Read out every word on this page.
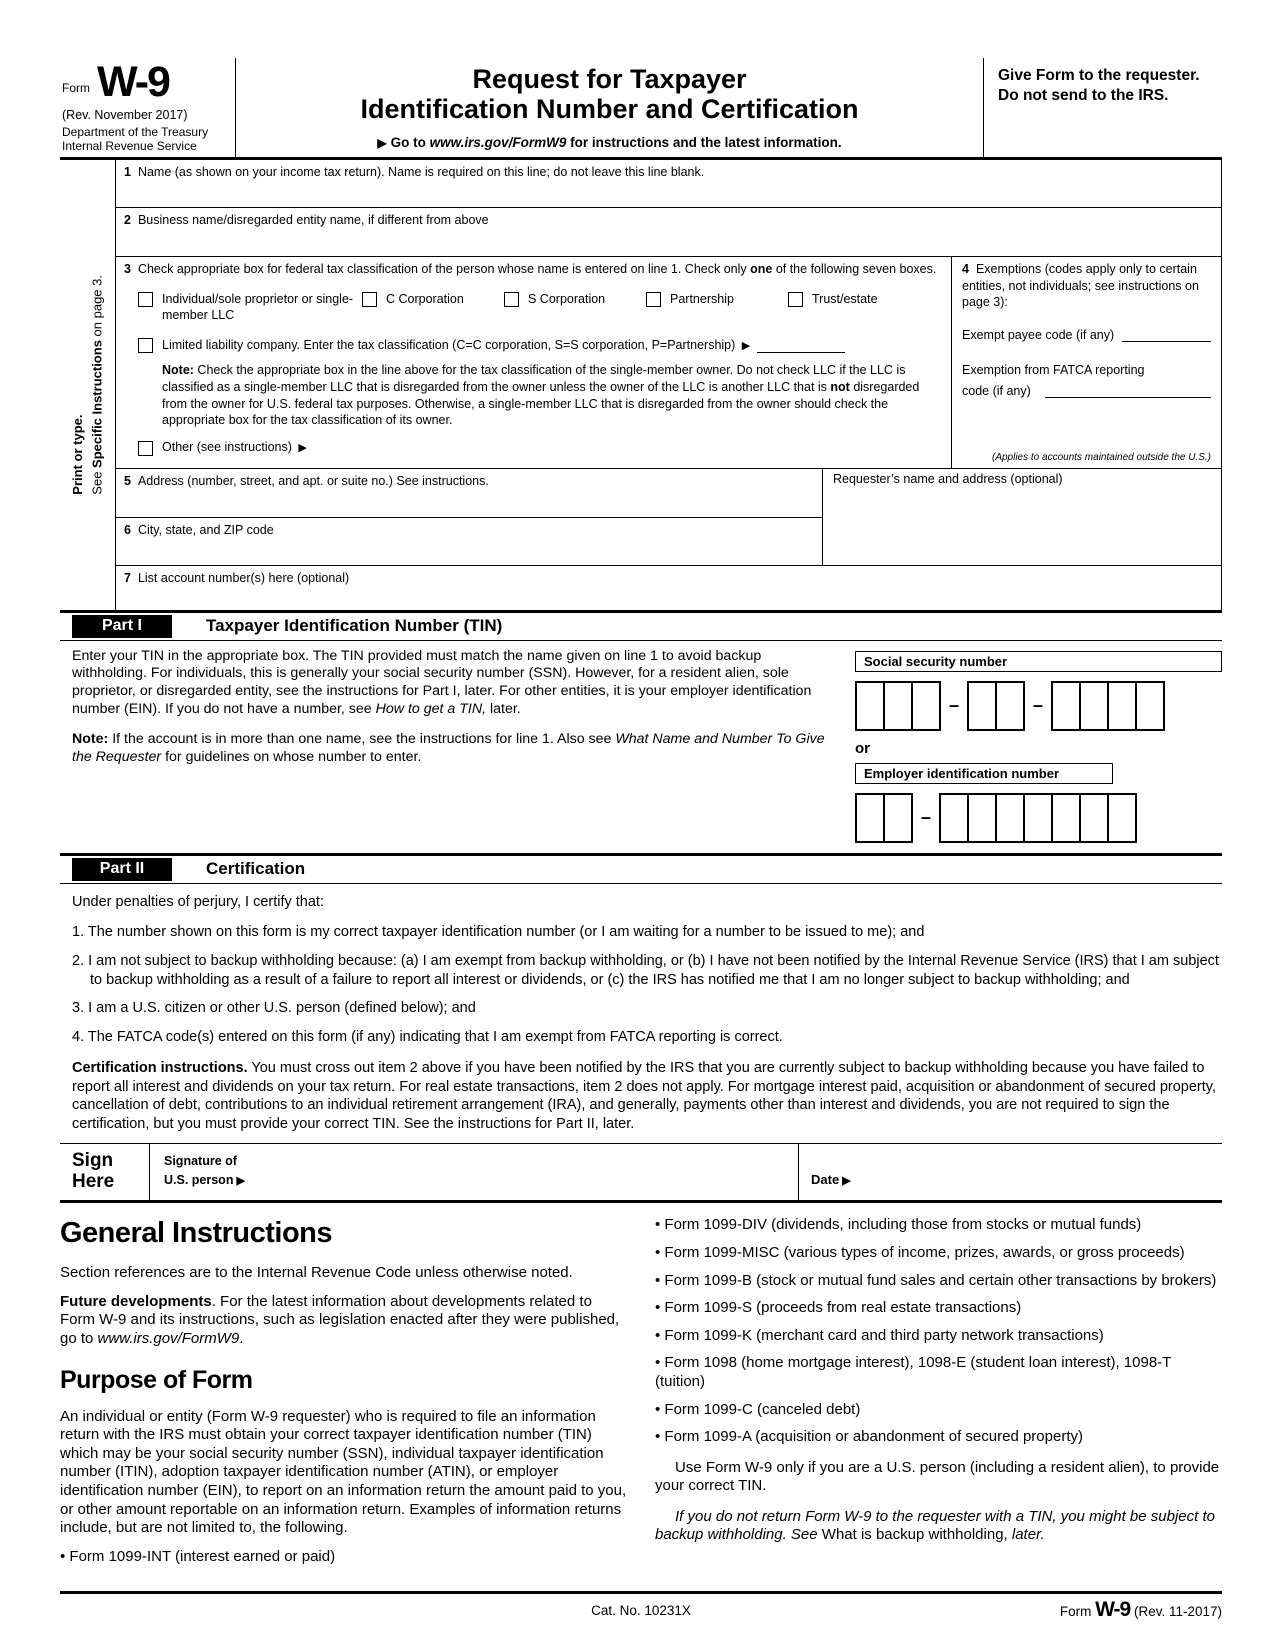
Form W-9
(Rev. November 2017)
Department of the Treasury
Internal Revenue Service
Request for Taxpayer
Identification Number and Certification
▶ Go to www.irs.gov/FormW9 for instructions and the latest information.
Give Form to the requester. Do not send to the IRS.
Print or type. See Specific Instructions on page 3.
1 Name (as shown on your income tax return). Name is required on this line; do not leave this line blank.
2 Business name/disregarded entity name, if different from above
3 Check appropriate box for federal tax classification of the person whose name is entered on line 1. Check only one of the following seven boxes.
Individual/sole proprietor or single-member LLC
C Corporation	S Corporation	Partnership	Trust/estate
Limited liability company. Enter the tax classification (C=C corporation, S=S corporation, P=Partnership) ▶
Note: Check the appropriate box in the line above for the tax classification of the single-member owner. Do not check LLC if the LLC is classified as a single-member LLC that is disregarded from the owner unless the owner of the LLC is another LLC that is not disregarded from the owner for U.S. federal tax purposes. Otherwise, a single-member LLC that is disregarded from the owner should check the appropriate box for the tax classification of its owner.
Other (see instructions) ▶
4 Exemptions (codes apply only to certain entities, not individuals; see instructions on page 3):
Exempt payee code (if any)
Exemption from FATCA reporting
code (if any)
(Applies to accounts maintained outside the U.S.)
5 Address (number, street, and apt. or suite no.) See instructions.
6 City, state, and ZIP code
Requester’s name and address (optional)
7 List account number(s) here (optional)
Part I	Taxpayer Identification Number (TIN)

Enter your TIN in the appropriate box. The TIN provided must match the name given on line 1 to avoid backup withholding. For individuals, this is generally your social security number (SSN). However, for a resident alien, sole proprietor, or disregarded entity, see the instructions for Part I, later. For other entities, it is your employer identification number (EIN). If you do not have a number, see How to get a TIN, later.

Note: If the account is in more than one name, see the instructions for line 1. Also see What Name and Number To Give the Requester for guidelines on whose number to enter.

Social security number
–	–
or
Employer identification number
–
Part II	Certification
Under penalties of perjury, I certify that:
1. The number shown on this form is my correct taxpayer identification number (or I am waiting for a number to be issued to me); and
2. I am not subject to backup withholding because: (a) I am exempt from backup withholding, or (b) I have not been notified by the Internal Revenue Service (IRS) that I am subject to backup withholding as a result of a failure to report all interest or dividends, or (c) the IRS has notified me that I am no longer subject to backup withholding; and
3. I am a U.S. citizen or other U.S. person (defined below); and
4. The FATCA code(s) entered on this form (if any) indicating that I am exempt from FATCA reporting is correct.
Certification instructions. You must cross out item 2 above if you have been notified by the IRS that you are currently subject to backup withholding because you have failed to report all interest and dividends on your tax return. For real estate transactions, item 2 does not apply. For mortgage interest paid, acquisition or abandonment of secured property, cancellation of debt, contributions to an individual retirement arrangement (IRA), and generally, payments other than interest and dividends, you are not required to sign the certification, but you must provide your correct TIN. See the instructions for Part II, later.
Sign Here
Signature of
U.S. person ▶	Date ▶
General Instructions

Section references are to the Internal Revenue Code unless otherwise noted.

Future developments. For the latest information about developments related to Form W-9 and its instructions, such as legislation enacted after they were published, go to www.irs.gov/FormW9.

Purpose of Form

An individual or entity (Form W-9 requester) who is required to file an information return with the IRS must obtain your correct taxpayer identification number (TIN) which may be your social security number (SSN), individual taxpayer identification number (ITIN), adoption taxpayer identification number (ATIN), or employer identification number (EIN), to report on an information return the amount paid to you, or other amount reportable on an information return. Examples of information returns include, but are not limited to, the following.

• Form 1099-INT (interest earned or paid)
• Form 1099-DIV (dividends, including those from stocks or mutual funds)
• Form 1099-MISC (various types of income, prizes, awards, or gross proceeds)
• Form 1099-B (stock or mutual fund sales and certain other transactions by brokers)
• Form 1099-S (proceeds from real estate transactions)
• Form 1099-K (merchant card and third party network transactions)
• Form 1098 (home mortgage interest), 1098-E (student loan interest), 1098-T (tuition)
• Form 1099-C (canceled debt)
• Form 1099-A (acquisition or abandonment of secured property)

Use Form W-9 only if you are a U.S. person (including a resident alien), to provide your correct TIN.

If you do not return Form W-9 to the requester with a TIN, you might be subject to backup withholding. See What is backup withholding, later.

Cat. No. 10231X	Form W-9 (Rev. 11-2017)
